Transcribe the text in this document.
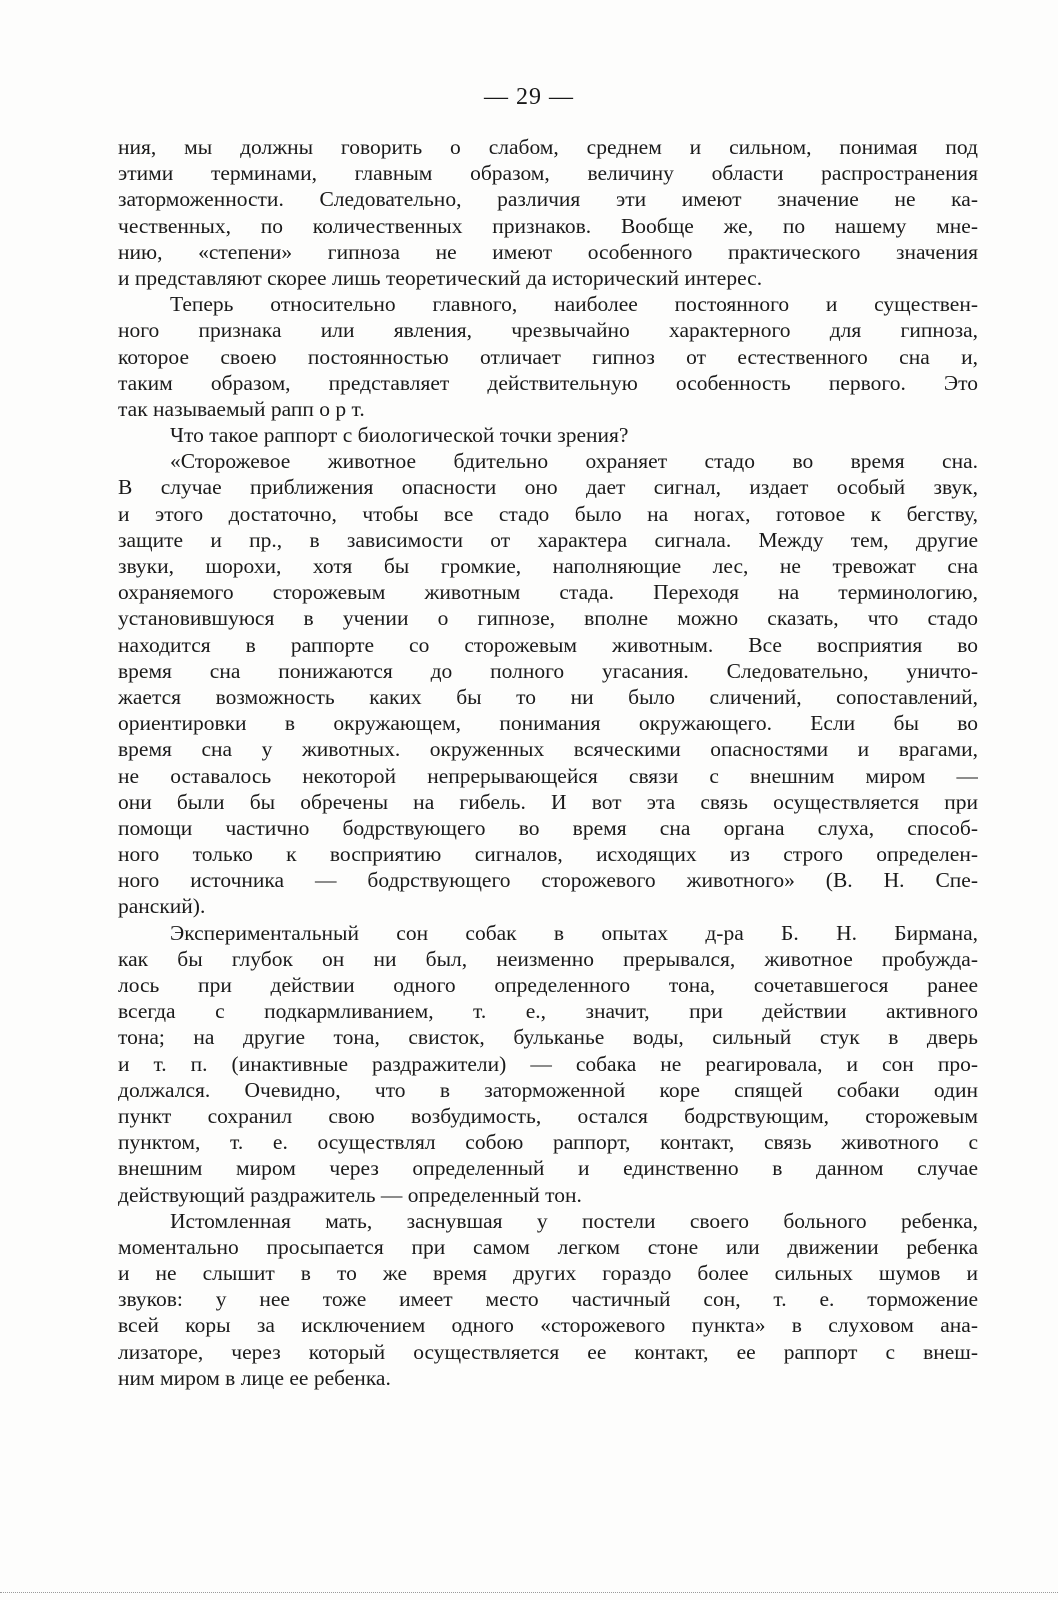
— 29 —
ния, мы должны говорить о слабом, среднем и сильном, понимая под
этими терминами, главным образом, величину области распространения
заторможенности. Следовательно, различия эти имеют значение не ка-
чественных, по количественных признаков. Вообще же, по нашему мне-
нию, «степени» гипноза не имеют особенного практического значения
и представляют скорее лишь теоретический да исторический интерес.
Теперь относительно главного, наиболее постоянного и существен-
ного признака или явления, чрезвычайно характерного для гипноза,
которое своею постоянностью отличает гипноз от естественного сна и,
таким образом, представляет действительную особенность первого. Это
так называемый рапп о р т.
Что такое раппорт с биологической точки зрения?
«Сторожевое животное бдительно охраняет стадо во время сна.
В случае приближения опасности оно дает сигнал, издает особый звук,
и этого достаточно, чтобы все стадо было на ногах, готовое к бегству,
защите и пр., в зависимости от характера сигнала. Между тем, другие
звуки, шорохи, хотя бы громкие, наполняющие лес, не тревожат сна
охраняемого сторожевым животным стада. Переходя на терминологию,
установившуюся в учении о гипнозе, вполне можно сказать, что стадо
находится в раппорте со сторожевым животным. Все восприятия во
время сна понижаются до полного угасания. Следовательно, уничто-
жается возможность каких бы то ни было сличений, сопоставлений,
ориентировки в окружающем, понимания окружающего. Если бы во
время сна у животных. окруженных всяческими опасностями и врагами,
не оставалось некоторой непрерывающейся связи с внешним миром —
они были бы обречены на гибель. И вот эта связь осуществляется при
помощи частично бодрствующего во время сна органа слуха, способ-
ного только к восприятию сигналов, исходящих из строго определен-
ного источника — бодрствующего сторожевого животного» (В. Н. Спе-
ранский).
Экспериментальный сон собак в опытах д-ра Б. Н. Бирмана,
как бы глубок он ни был, неизменно прерывался, животное пробужда-
лось при действии одного определенного тона, сочетавшегося ранее
всегда с подкармливанием, т. е., значит, при действии активного
тона; на другие тона, свисток, бульканье воды, сильный стук в дверь
и т. п. (инактивные раздражители) — собака не реагировала, и сон про-
должался. Очевидно, что в заторможенной коре спящей собаки один
пункт сохранил свою возбудимость, остался бодрствующим, сторожевым
пунктом, т. е. осуществлял собою раппорт, контакт, связь животного с
внешним миром через определенный и единственно в данном случае
действующий раздражитель — определенный тон.
Истомленная мать, заснувшая у постели своего больного ребенка,
моментально просыпается при самом легком стоне или движении ребенка
и не слышит в то же время других гораздо более сильных шумов и
звуков: у нее тоже имеет место частичный сон, т. е. торможение
всей коры за исключением одного «сторожевого пункта» в слуховом ана-
лизаторе, через который осуществляется ее контакт, ее раппорт с внеш-
ним миром в лице ее ребенка.
